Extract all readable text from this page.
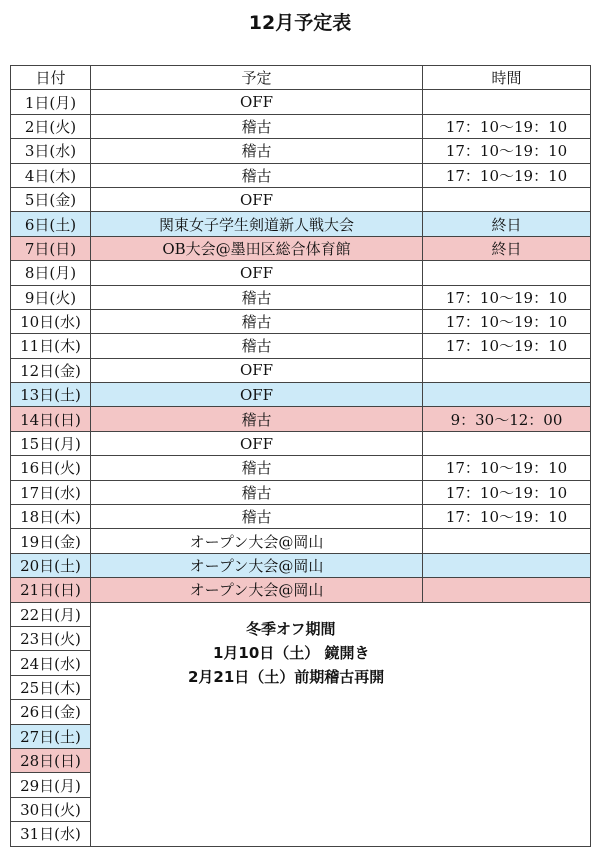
12月予定表
日付	予定	時間
1日(月)	OFF	
2日(火)	稽古	17：10～19：10
3日(水)	稽古	17：10～19：10
4日(木)	稽古	17：10～19：10
5日(金)	OFF	
6日(土)	関東女子学生剣道新人戦大会	終日
7日(日)	OB大会@墨田区総合体育館	終日
8日(月)	OFF	
9日(火)	稽古	17：10～19：10
10日(水)	稽古	17：10～19：10
11日(木)	稽古	17：10～19：10
12日(金)	OFF	
13日(土)	OFF	
14日(日)	稽古	9：30～12：00
15日(月)	OFF	
16日(火)	稽古	17：10～19：10
17日(水)	稽古	17：10～19：10
18日(木)	稽古	17：10～19：10
19日(金)	オープン大会@岡山	
20日(土)	オープン大会@岡山	
21日(日)	オープン大会@岡山	
22日(月)	冬季オフ期間
1月10日（土） 鏡開き
2月21日（土）前期稽古再開	

23日(火)		
24日(水)		
25日(木)		
26日(金)		
27日(土)		
28日(日)		
29日(月)		
30日(火)		
31日(水)		
